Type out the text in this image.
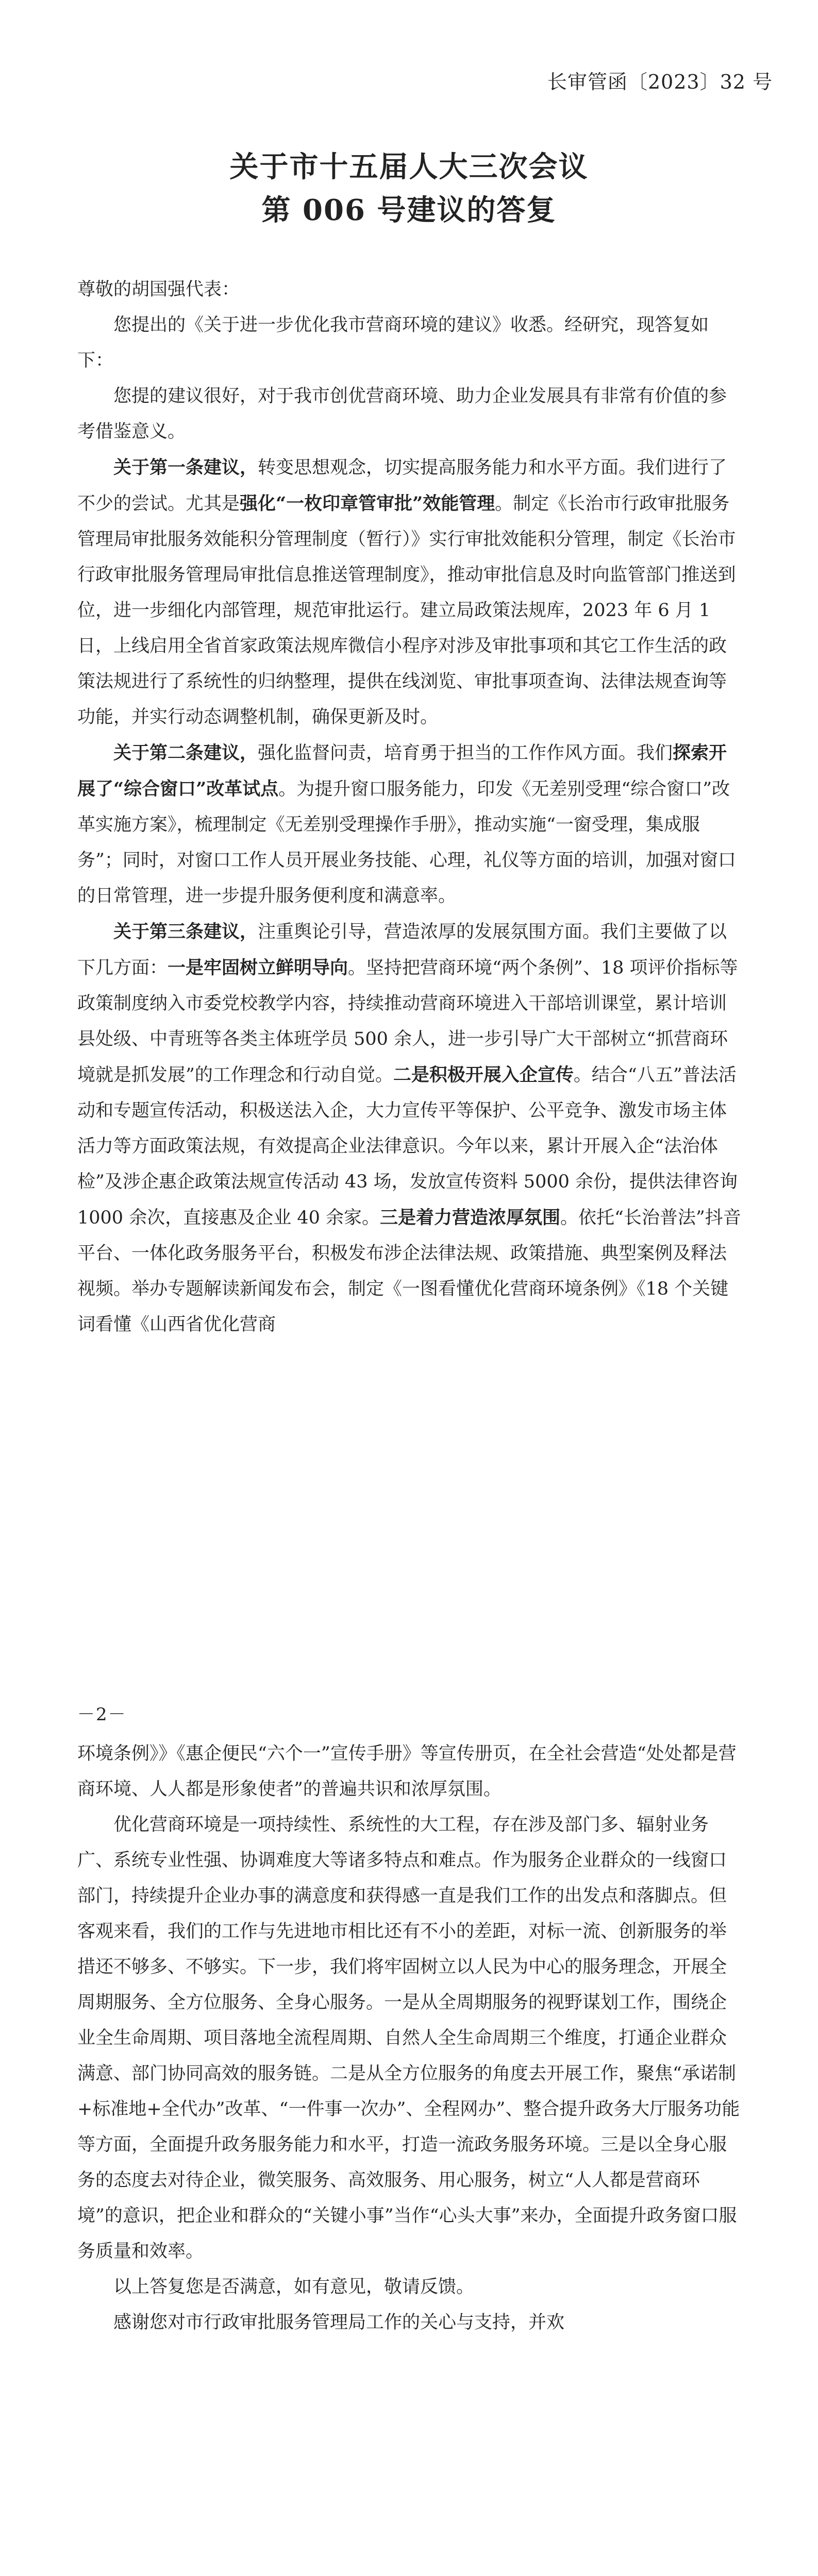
长审管函〔2023〕32 号
关于市十五届人大三次会议
第 006 号建议的答复

尊敬的胡国强代表：

您提出的《关于进一步优化我市营商环境的建议》收悉。经研究，现答复如下：

您提的建议很好，对于我市创优营商环境、助力企业发展具有非常有价值的参考借鉴意义。

关于第一条建议，转变思想观念，切实提高服务能力和水平方面。我们进行了不少的尝试。尤其是强化“一枚印章管审批”效能管理。制定《长治市行政审批服务管理局审批服务效能积分管理制度（暂行）》实行审批效能积分管理，制定《长治市行政审批服务管理局审批信息推送管理制度》，推动审批信息及时向监管部门推送到位，进一步细化内部管理，规范审批运行。建立局政策法规库，2023 年 6 月 1 日，上线启用全省首家政策法规库微信小程序对涉及审批事项和其它工作生活的政策法规进行了系统性的归纳整理，提供在线浏览、审批事项查询、法律法规查询等功能，并实行动态调整机制，确保更新及时。

关于第二条建议，强化监督问责，培育勇于担当的工作作风方面。我们探索开展了“综合窗口”改革试点。为提升窗口服务能力，印发《无差别受理“综合窗口”改革实施方案》，梳理制定《无差别受理操作手册》，推动实施“一窗受理，集成服务”；同时，对窗口工作人员开展业务技能、心理，礼仪等方面的培训，加强对窗口的日常管理，进一步提升服务便利度和满意率。

关于第三条建议，注重舆论引导，营造浓厚的发展氛围方面。我们主要做了以下几方面：一是牢固树立鲜明导向。坚持把营商环境“两个条例”、18 项评价指标等政策制度纳入市委党校教学内容，持续推动营商环境进入干部培训课堂，累计培训县处级、中青班等各类主体班学员 500 余人，进一步引导广大干部树立“抓营商环境就是抓发展”的工作理念和行动自觉。二是积极开展入企宣传。结合“八五”普法活动和专题宣传活动，积极送法入企，大力宣传平等保护、公平竞争、激发市场主体活力等方面政策法规，有效提高企业法律意识。今年以来，累计开展入企“法治体检”及涉企惠企政策法规宣传活动 43 场，发放宣传资料 5000 余份，提供法律咨询 1000 余次，直接惠及企业 40 余家。三是着力营造浓厚氛围。依托“长治普法”抖音平台、一体化政务服务平台，积极发布涉企法律法规、政策措施、典型案例及释法视频。举办专题解读新闻发布会，制定《一图看懂优化营商环境条例》《18 个关键词看懂《山西省优化营商

－2－

环境条例》》《惠企便民“六个一”宣传手册》等宣传册页，在全社会营造“处处都是营商环境、人人都是形象使者”的普遍共识和浓厚氛围。

优化营商环境是一项持续性、系统性的大工程，存在涉及部门多、辐射业务广、系统专业性强、协调难度大等诸多特点和难点。作为服务企业群众的一线窗口部门，持续提升企业办事的满意度和获得感一直是我们工作的出发点和落脚点。但客观来看，我们的工作与先进地市相比还有不小的差距，对标一流、创新服务的举措还不够多、不够实。下一步，我们将牢固树立以人民为中心的服务理念，开展全周期服务、全方位服务、全身心服务。一是从全周期服务的视野谋划工作，围绕企业全生命周期、项目落地全流程周期、自然人全生命周期三个维度，打通企业群众满意、部门协同高效的服务链。二是从全方位服务的角度去开展工作，聚焦“承诺制+标准地+全代办”改革、“一件事一次办”、全程网办”、整合提升政务大厅服务功能等方面，全面提升政务服务能力和水平，打造一流政务服务环境。三是以全身心服务的态度去对待企业，微笑服务、高效服务、用心服务，树立“人人都是营商环境”的意识，把企业和群众的“关键小事”当作“心头大事”来办，全面提升政务窗口服务质量和效率。

以上答复您是否满意，如有意见，敬请反馈。

感谢您对市行政审批服务管理局工作的关心与支持，并欢
